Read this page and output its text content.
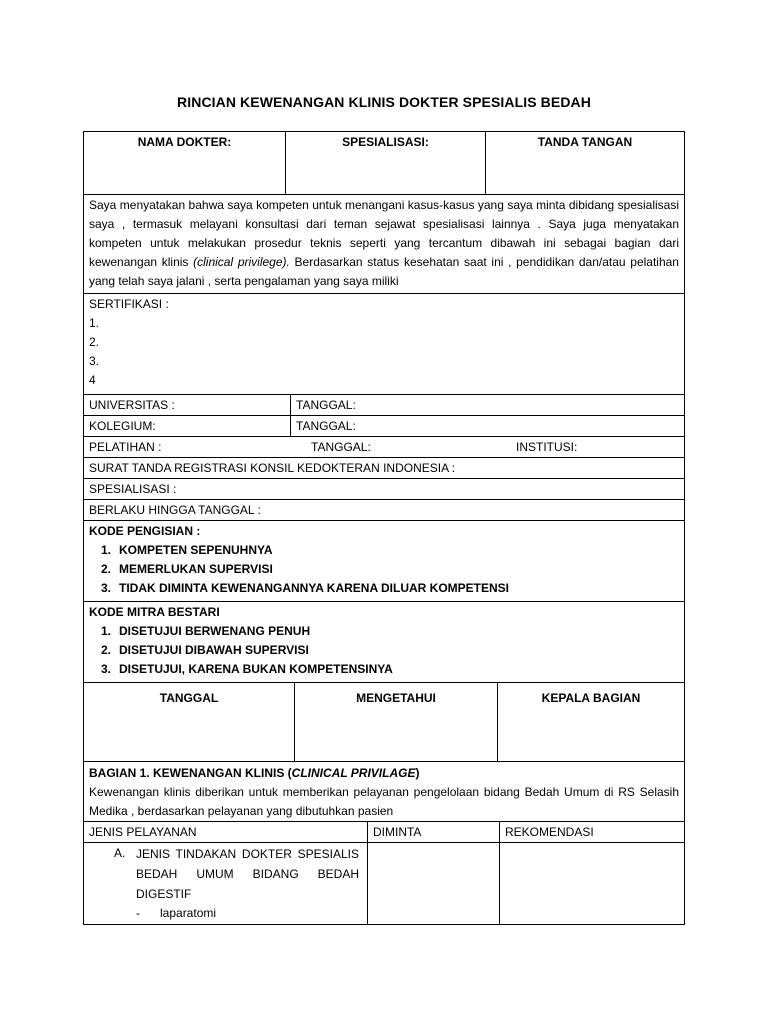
RINCIAN KEWENANGAN KLINIS DOKTER SPESIALIS BEDAH
NAMA DOKTER:	SPESIALISASI:	TANDA TANGAN
Saya menyatakan bahwa saya kompeten untuk menangani kasus-kasus yang saya minta dibidang spesialisasi saya , termasuk melayani konsultasi dari teman sejawat spesialisasi lainnya . Saya juga menyatakan kompeten untuk melakukan prosedur teknis seperti yang tercantum dibawah ini sebagai bagian dari kewenangan klinis (clinical privilege). Berdasarkan status kesehatan saat ini , pendidikan dan/atau pelatihan yang telah saya jalani , serta pengalaman yang saya miliki
SERTIFIKASI :
1.
2.
3.
4
UNIVERSITAS :	TANGGAL:
KOLEGIUM:	TANGGAL:
PELATIHAN :	TANGGAL:	INSTITUSI:
SURAT TANDA REGISTRASI KONSIL KEDOKTERAN INDONESIA :
SPESIALISASI :
BERLAKU HINGGA TANGGAL :
KODE PENGISIAN :
1. KOMPETEN SEPENUHNYA
2. MEMERLUKAN SUPERVISI
3. TIDAK DIMINTA KEWENANGANNYA KARENA DILUAR KOMPETENSI
KODE MITRA BESTARI
1. DISETUJUI BERWENANG PENUH
2. DISETUJUI DIBAWAH SUPERVISI
3. DISETUJUI, KARENA BUKAN KOMPETENSINYA
TANGGAL	MENGETAHUI	KEPALA BAGIAN
BAGIAN 1. KEWENANGAN KLINIS (CLINICAL PRIVILAGE)
Kewenangan klinis diberikan untuk memberikan pelayanan pengelolaan bidang Bedah Umum di RS Selasih Medika , berdasarkan pelayanan yang dibutuhkan pasien
JENIS PELAYANAN	DIMINTA	REKOMENDASI
A. JENIS TINDAKAN DOKTER SPESIALIS BEDAH UMUM BIDANG BEDAH DIGESTIF
-	laparatomi
